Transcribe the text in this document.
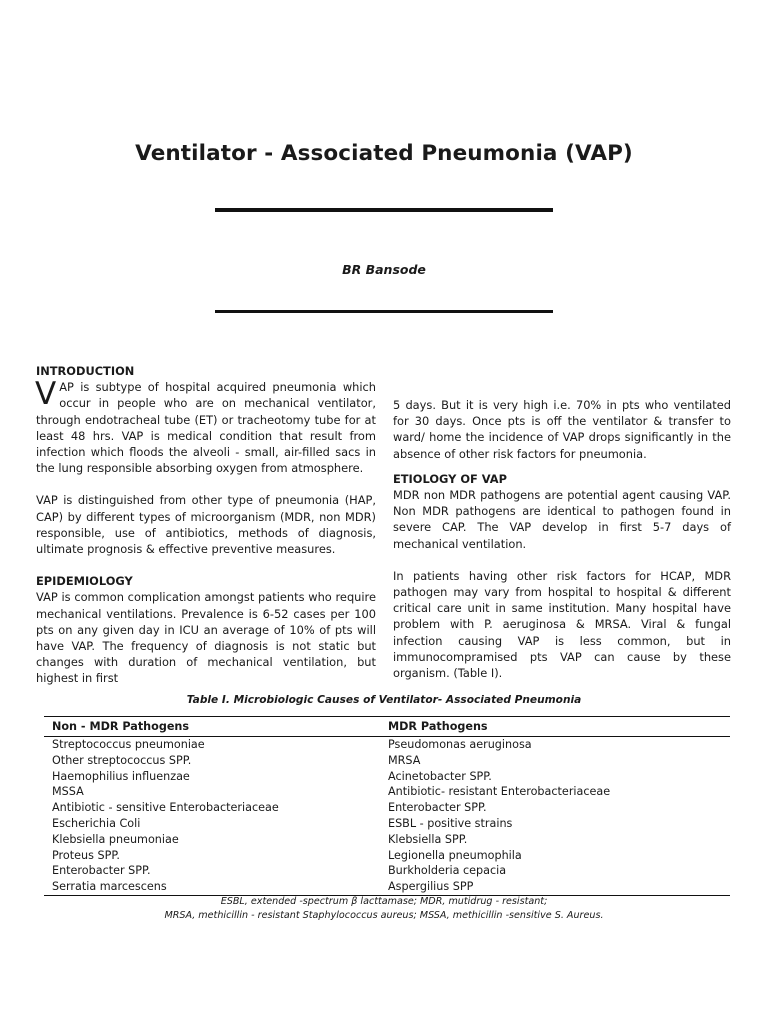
Ventilator - Associated Pneumonia (VAP)
BR Bansode
INTRODUCTION

VAP is subtype of hospital acquired pneumonia which occur in people who are on mechanical ventilator, through endotracheal tube (ET) or tracheotomy tube for at least 48 hrs. VAP is medical condition that result from infection which floods the alveoli - small, air-filled sacs in the lung responsible absorbing oxygen from atmosphere.

VAP is distinguished from other type of pneumonia (HAP, CAP) by different types of microorganism (MDR, non MDR) responsible, use of antibiotics, methods of diagnosis, ultimate prognosis & effective preventive measures.

EPIDEMIOLOGY

VAP is common complication amongst patients who require mechanical ventilations. Prevalence is 6-52 cases per 100 pts on any given day in ICU an average of 10% of pts will have VAP. The frequency of diagnosis is not static but changes with duration of mechanical ventilation, but highest in first

5 days. But it is very high i.e. 70% in pts who ventilated for 30 days. Once pts is off the ventilator & transfer to ward/ home the incidence of VAP drops significantly in the absence of other risk factors for pneumonia.

ETIOLOGY OF VAP

MDR non MDR pathogens are potential agent causing VAP. Non MDR pathogens are identical to pathogen found in severe CAP. The VAP develop in first 5-7 days of mechanical ventilation.

In patients having other risk factors for HCAP, MDR pathogen may vary from hospital to hospital & different critical care unit in same institution. Many hospital have problem with P. aeruginosa & MRSA. Viral & fungal infection causing VAP is less common, but in immunocompramised pts VAP can cause by these organism. (Table I).

Table I. Microbiologic Causes of Ventilator- Associated Pneumonia
Non - MDR Pathogens	MDR Pathogens
Streptococcus pneumoniae	Pseudomonas aeruginosa
Other streptococcus SPP.	MRSA
Haemophilius influenzae	Acinetobacter SPP.
MSSA	Antibiotic- resistant Enterobacteriaceae
Antibiotic - sensitive Enterobacteriaceae	Enterobacter SPP.
Escherichia Coli	ESBL - positive strains
Klebsiella pneumoniae	Klebsiella SPP.
Proteus SPP.	Legionella pneumophila
Enterobacter SPP.	Burkholderia cepacia
Serratia marcescens	Aspergilius SPP
ESBL, extended -spectrum β lacttamase; MDR, mutidrug - resistant;
MRSA, methicillin - resistant Staphylococcus aureus; MSSA, methicillin -sensitive S. Aureus.
